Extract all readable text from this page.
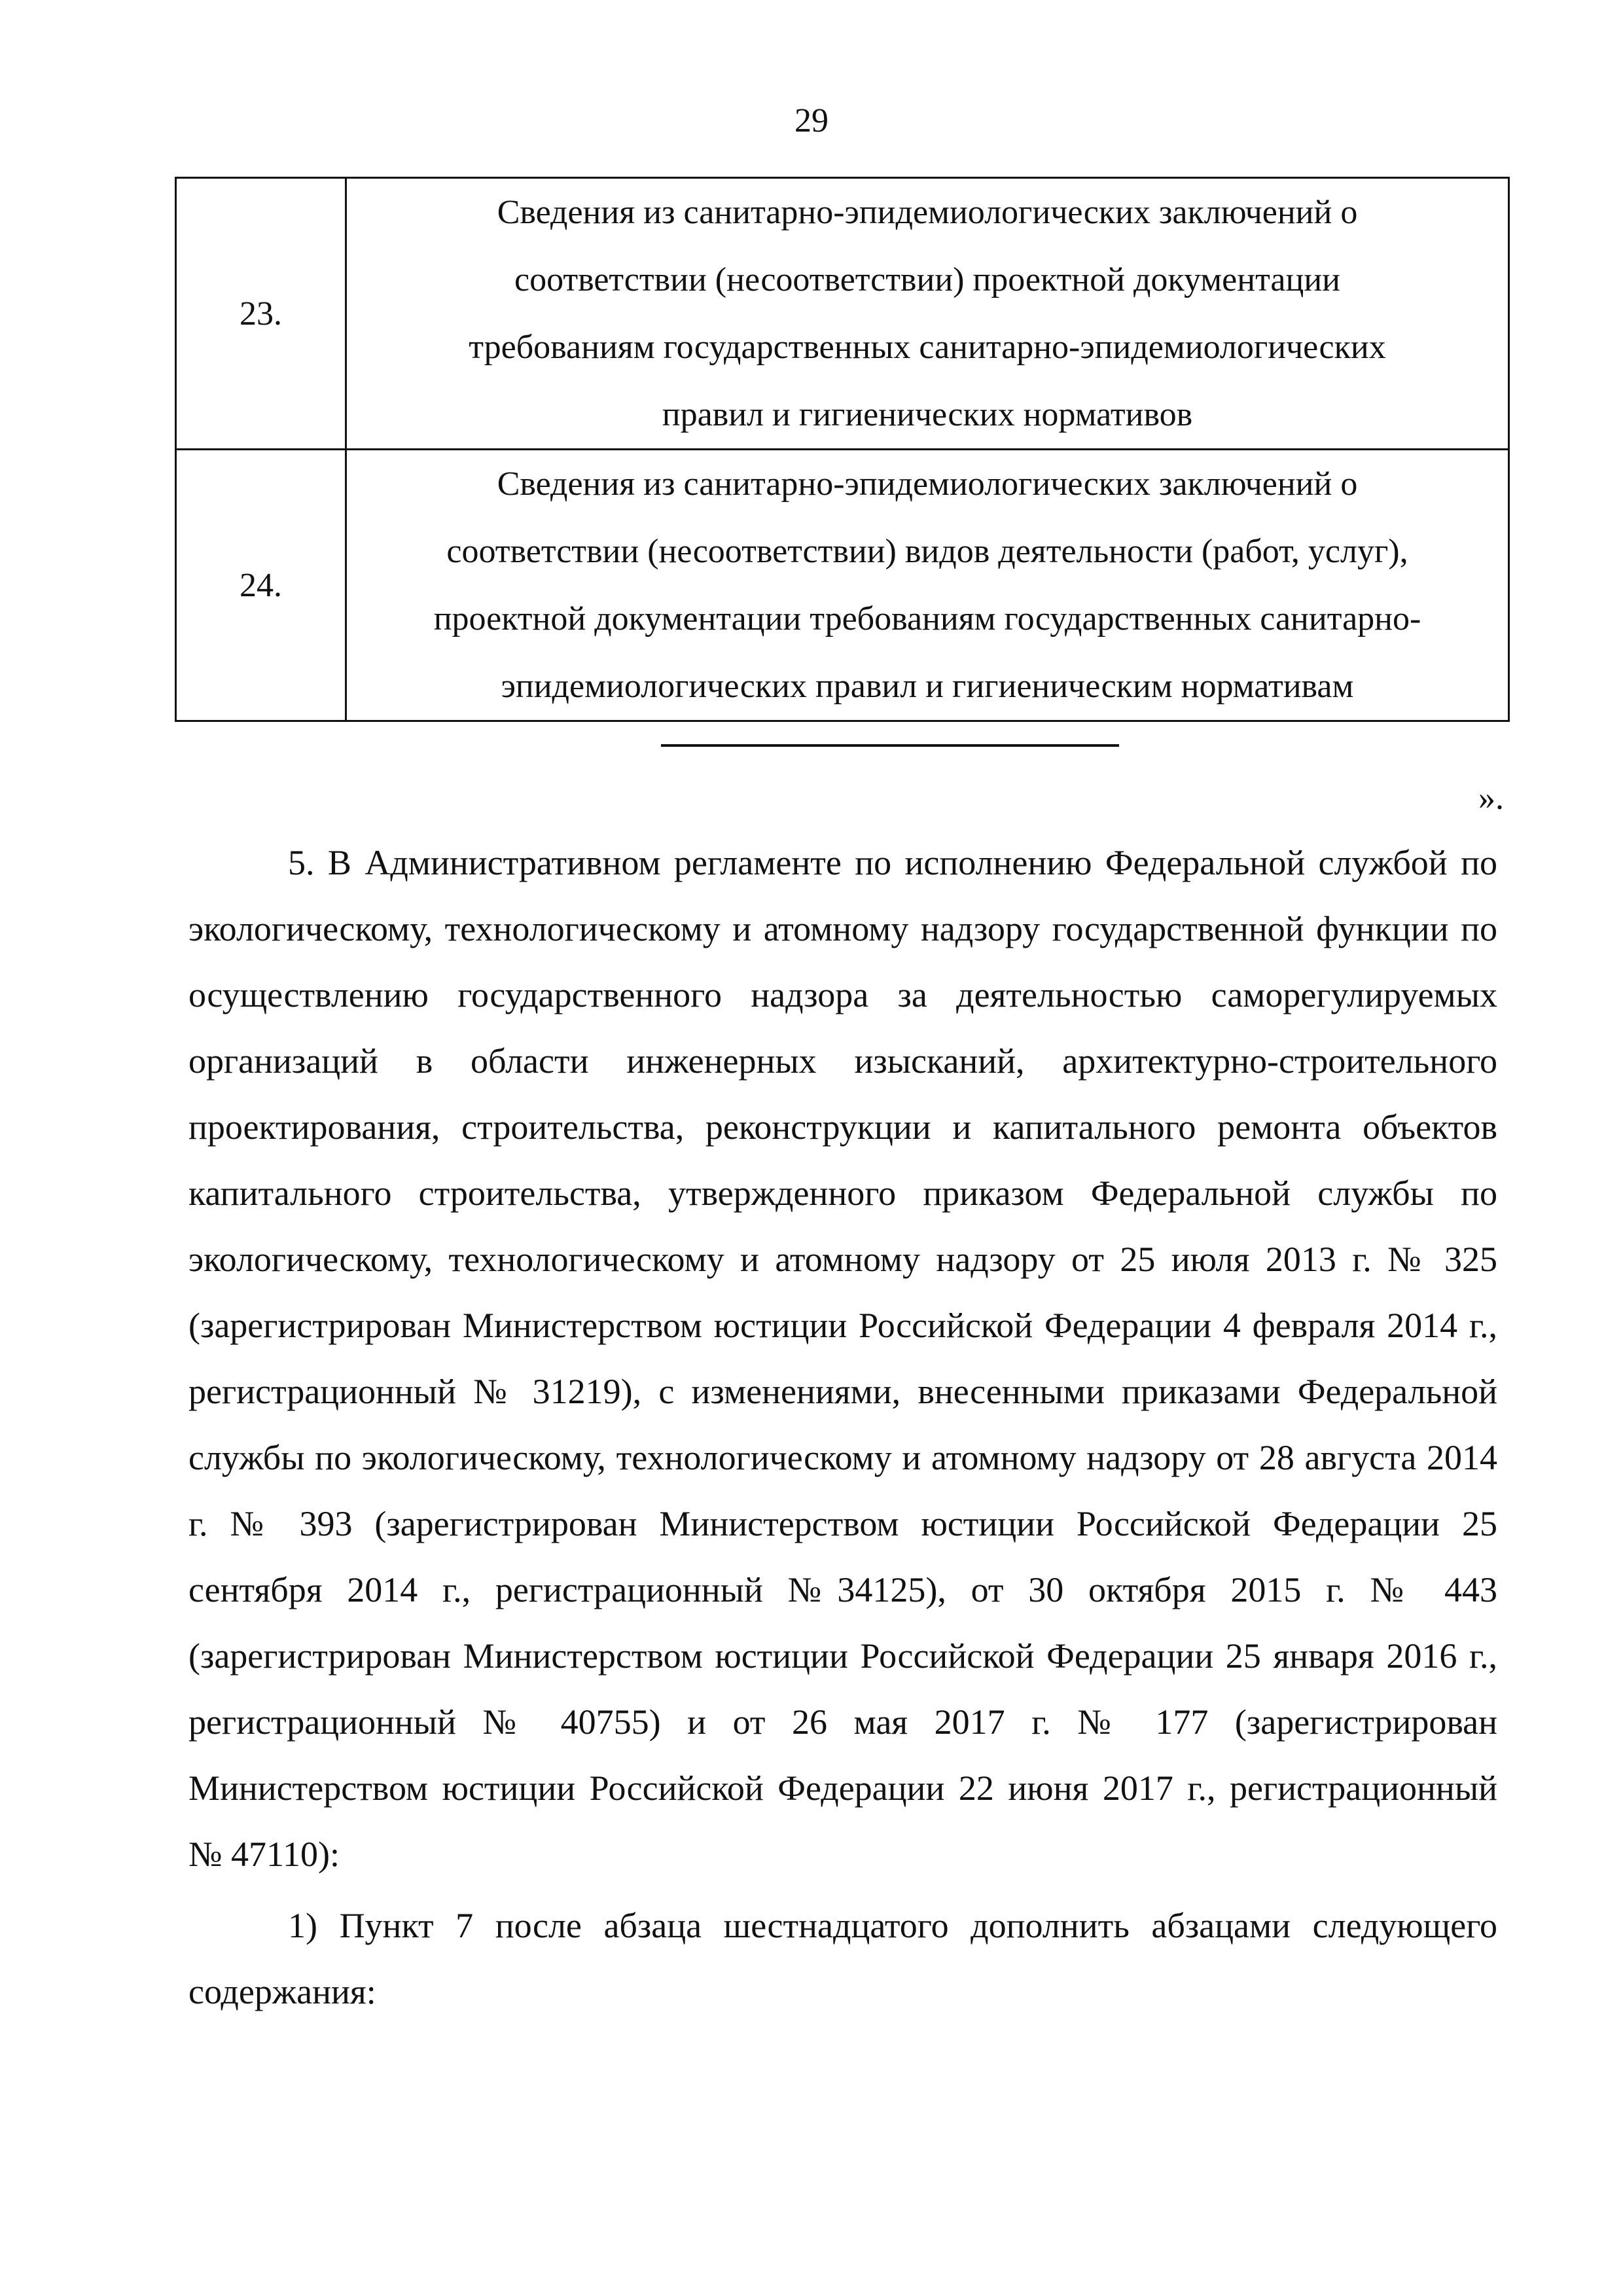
29
23.	Сведения из санитарно-эпидемиологических заключений о
соответствии (несоответствии) проектной документации
требованиям государственных санитарно-эпидемиологических
правил и гигиенических нормативов

24.	Сведения из санитарно-эпидемиологических заключений о
соответствии (несоответствии) видов деятельности (работ, услуг),
проектной документации требованиям государственных санитарно-
эпидемиологических правил и гигиеническим нормативам
».

5. В Административном регламенте по исполнению Федеральной службой по экологическому, технологическому и атомному надзору государственной функции по осуществлению государственного надзора за деятельностью саморегулируемых организаций в области инженерных изысканий, архитектурно-строительного проектирования, строительства, реконструкции и капитального ремонта объектов капитального строительства, утвержденного приказом Федеральной службы по экологическому, технологическому и атомному надзору от 25 июля 2013 г. № 325 (зарегистрирован Министерством юстиции Российской Федерации 4 февраля 2014 г., регистрационный № 31219), с изменениями, внесенными приказами Федеральной службы по экологическому, технологическому и атомному надзору от 28 августа 2014 г. № 393 (зарегистрирован Министерством юстиции Российской Федерации 25 сентября 2014 г., регистрационный №34125), от 30 октября 2015 г. № 443 (зарегистрирован Министерством юстиции Российской Федерации 25 января 2016 г., регистрационный № 40755) и от 26 мая 2017 г. № 177 (зарегистрирован Министерством юстиции Российской Федерации 22 июня 2017 г., регистрационный № 47110):

1) Пункт 7 после абзаца шестнадцатого дополнить абзацами следующего содержания:
